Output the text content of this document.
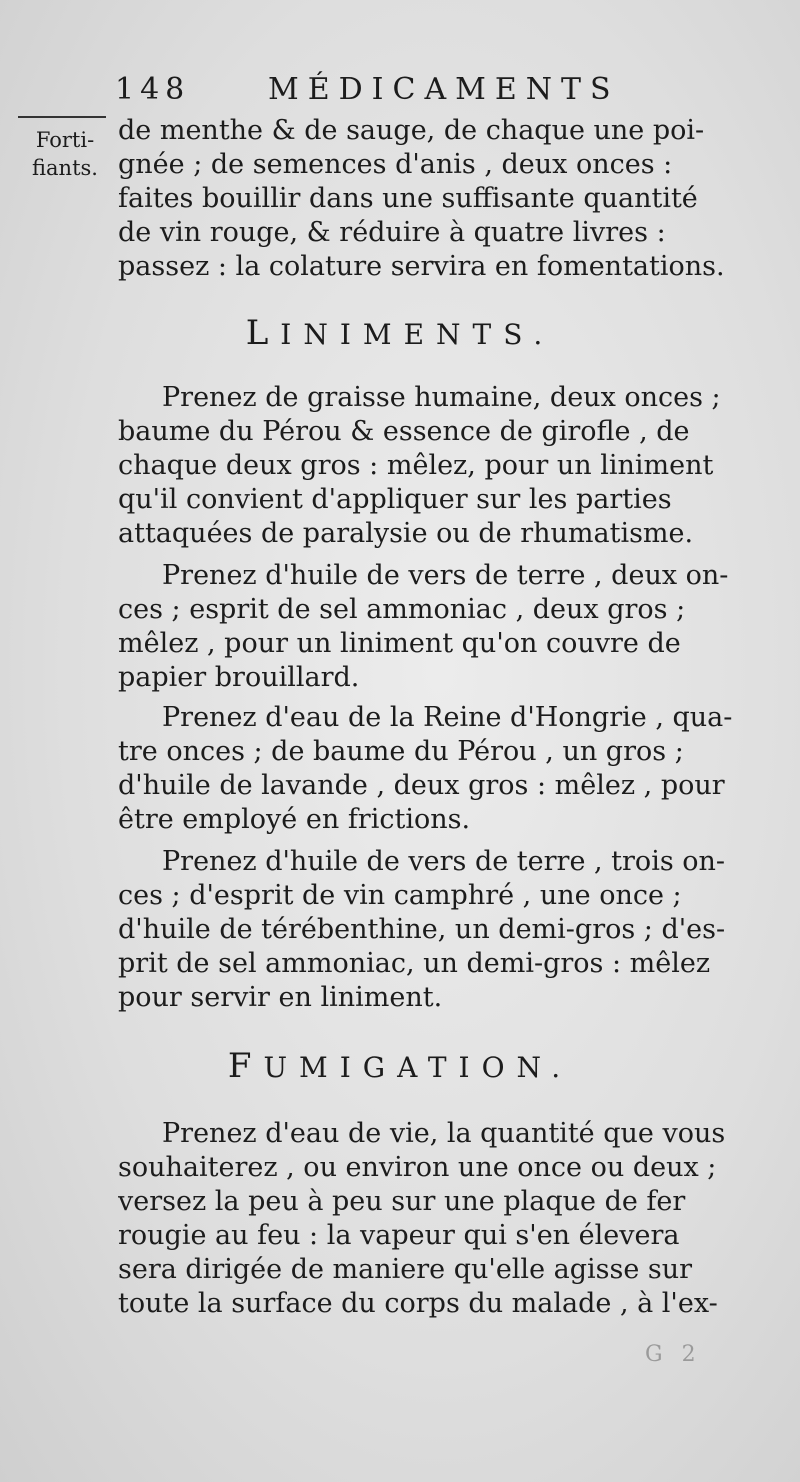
148	MÉDICAMENTS
Forti-
fiants.
de menthe & de sauge, de chaque une poi-
gnée ; de semences d'anis , deux onces :
faites bouillir dans une suffisante quantité
de vin rouge, & réduire à quatre livres :
passez : la colature servira en fomentations.
LINIMENTS.
Prenez de graisse humaine, deux onces ;
baume du Pérou & essence de girofle , de
chaque deux gros : mêlez, pour un liniment
qu'il convient d'appliquer sur les parties
attaquées de paralysie ou de rhumatisme.
Prenez d'huile de vers de terre , deux on-
ces ; esprit de sel ammoniac , deux gros ;
mêlez , pour un liniment qu'on couvre de
papier brouillard.
Prenez d'eau de la Reine d'Hongrie , qua-
tre onces ; de baume du Pérou , un gros ;
d'huile de lavande , deux gros : mêlez , pour
être employé en frictions.
Prenez d'huile de vers de terre , trois on-
ces ; d'esprit de vin camphré , une once ;
d'huile de térébenthine, un demi-gros ; d'es-
prit de sel ammoniac, un demi-gros : mêlez
pour servir en liniment.
FUMIGATION.
Prenez d'eau de vie, la quantité que vous
souhaiterez , ou environ une once ou deux ;
versez la peu à peu sur une plaque de fer
rougie au feu : la vapeur qui s'en élevera
sera dirigée de maniere qu'elle agisse sur
toute la surface du corps du malade , à l'ex-
G 2
